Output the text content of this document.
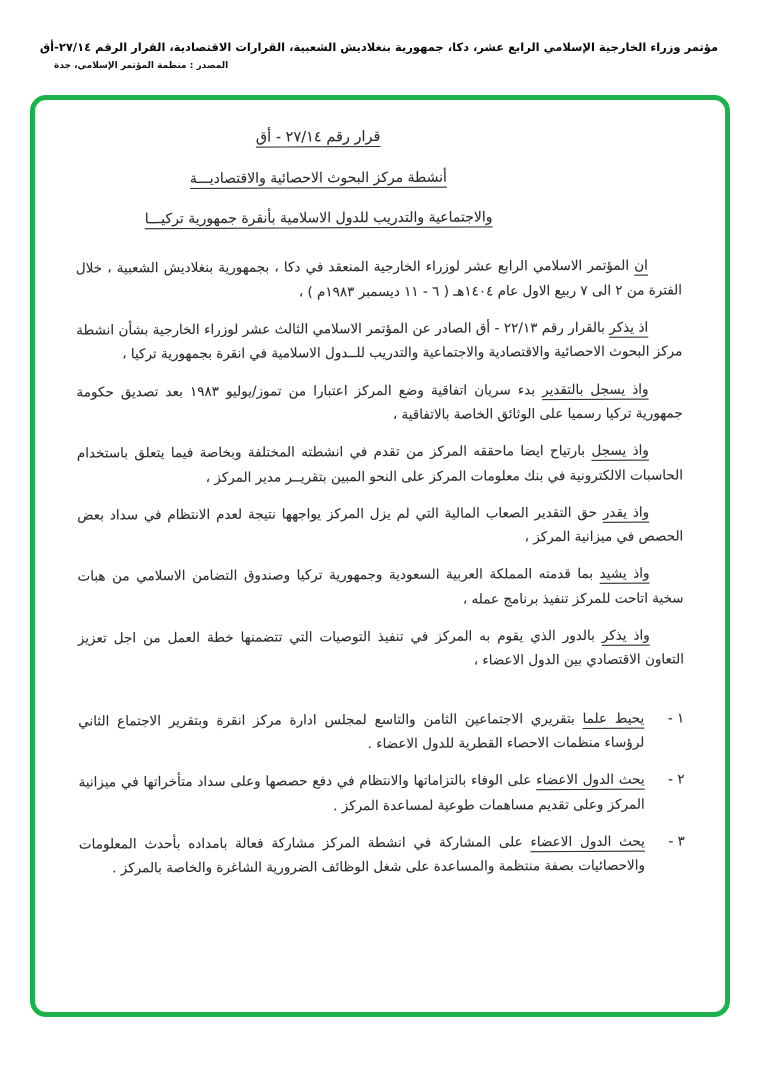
مؤتمر وزراء الخارجية الإسلامي الرابع عشر، دكا، جمهورية بنغلاديش الشعبية، القرارات الاقتصادية، القرار الرقم ٢٧/١٤-أق
المصدر : منظمة المؤتمر الإسلامي، جدة
قرار رقم ٢٧/١٤ - أق
أنشطة مركز البحوث الاحصائية والاقتصاديـــة
والاجتماعية والتدريب للدول الاسلامية بأنقرة جمهورية تركيـــا

ان المؤتمر الاسلامي الرابع عشر لوزراء الخارجية المنعقد في دكا ، بجمهورية بنغلاديش الشعبية ، خلال الفترة من ٢ الى ٧ ربيع الاول عام ١٤٠٤هـ ( ٦ - ١١ ديسمبر ١٩٨٣م ) ،

اذ يذكر بالقرار رقم ٢٢/١٣ - أق الصادر عن المؤتمر الاسلامي الثالث عشر لوزراء الخارجية بشأن انشطة مركز البحوث الاحصائية والاقتصادية والاجتماعية والتدريب للــدول الاسلامية في انقرة بجمهورية تركيا ،

واذ يسجل بالتقدير بدء سريان اتفاقية وضع المركز اعتبارا من تموز/يوليو ١٩٨٣ بعد تصديق حكومة جمهورية تركيا رسميا على الوثائق الخاصة بالاتفاقية ،

واذ يسجل بارتياح ايضا ماحققه المركز من تقدم في انشطته المختلفة وبخاصة فيما يتعلق باستخدام الحاسبات الالكترونية في بنك معلومات المركز على النحو المبين بتقريــر مدير المركز ،

واذ يقدر حق التقدير الصعاب المالية التي لم يزل المركز يواجهها نتيجة لعدم الانتظام في سداد بعض الحصص في ميزانية المركز ،

واذ يشيد بما قدمته المملكة العربية السعودية وجمهورية تركيا وصندوق التضامن الاسلامي من هبات سخية اتاحت للمركز تنفيذ برنامج عمله ،

واذ يذكر بالدور الذي يقوم به المركز في تنفيذ التوصيات التي تتضمنها خطة العمل من اجل تعزيز التعاون الاقتصادي بين الدول الاعضاء ،

١ -
يحيط علما بتقريري الاجتماعين الثامن والتاسع لمجلس ادارة مركز انقرة وبتقرير الاجتماع الثاني لرؤساء منظمات الاحصاء القطرية للدول الاعضاء .
٢ -
يحث الدول الاعضاء على الوفاء بالتزاماتها والانتظام في دفع حصصها وعلى سداد متأخراتها في ميزانية المركز وعلى تقديم مساهمات طوعية لمساعدة المركز .
٣ -
يحث الدول الاعضاء على المشاركة في انشطة المركز مشاركة فعالة بامداده بأحدث المعلومات والاحصائيات بصفة منتظمة والمساعدة على شغل الوظائف الضرورية الشاغرة والخاصة بالمركز .
